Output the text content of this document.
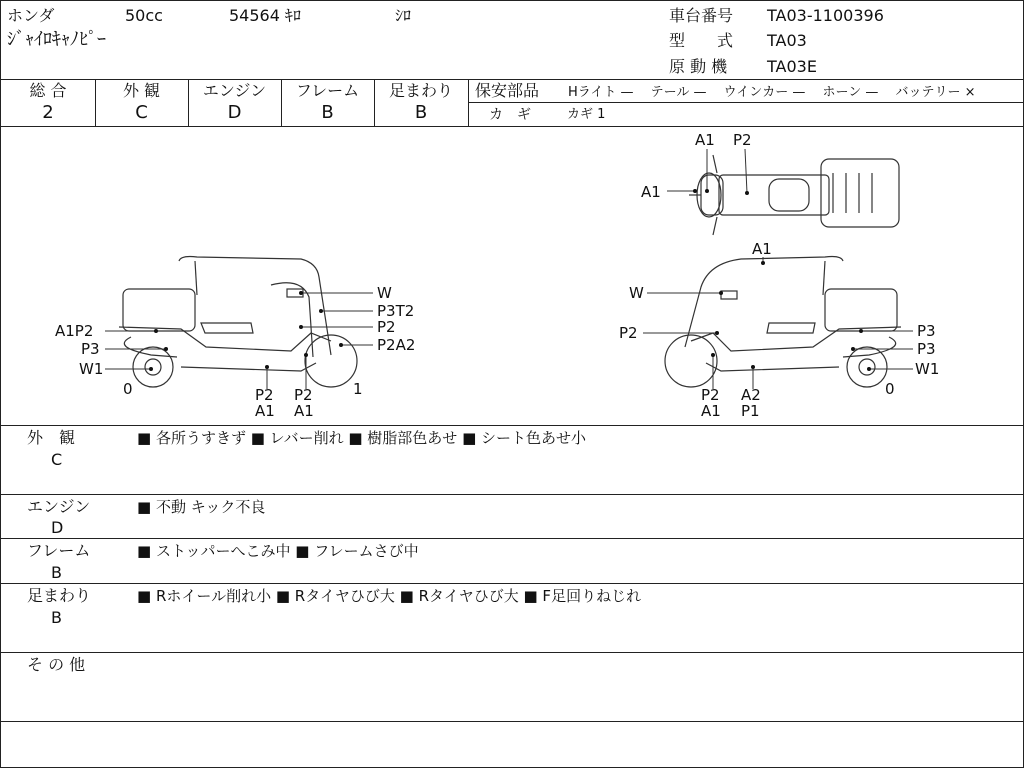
ホンダ	50cc	54564 ｷﾛ	ｼﾛ
ｼﾞｬｲﾛｷｬﾉﾋﾟｰ
車台番号 TA03-1100396
型　　式 TA03
原 動 機 TA03E
総 合
2
外 観
C
エンジン
D
フレーム
B
足まわり
B
保安部品 Hライト —　 テール —　 ウインカー —　 ホーン —　 バッテリー ×
カ　ギ	カギ 1
A1
A1 P2
W
P3T2
P2
P2A2
A1P2
P3
W1
0	1
P2
A1
P2
A1
A1
W
P2	P3
P3
W1
0
P2
A1
A2
P1
外　観
C
■ 各所うすきず ■ レバー削れ ■ 樹脂部色あせ ■ シート色あせ小
エンジン
D
■ 不動 キック不良
フレーム
B
■ ストッパーへこみ中 ■ フレームさび中
足まわり
B
■ Rホイール削れ小 ■ Rタイヤひび大 ■ Rタイヤひび大 ■ F足回りねじれ
そ の 他
